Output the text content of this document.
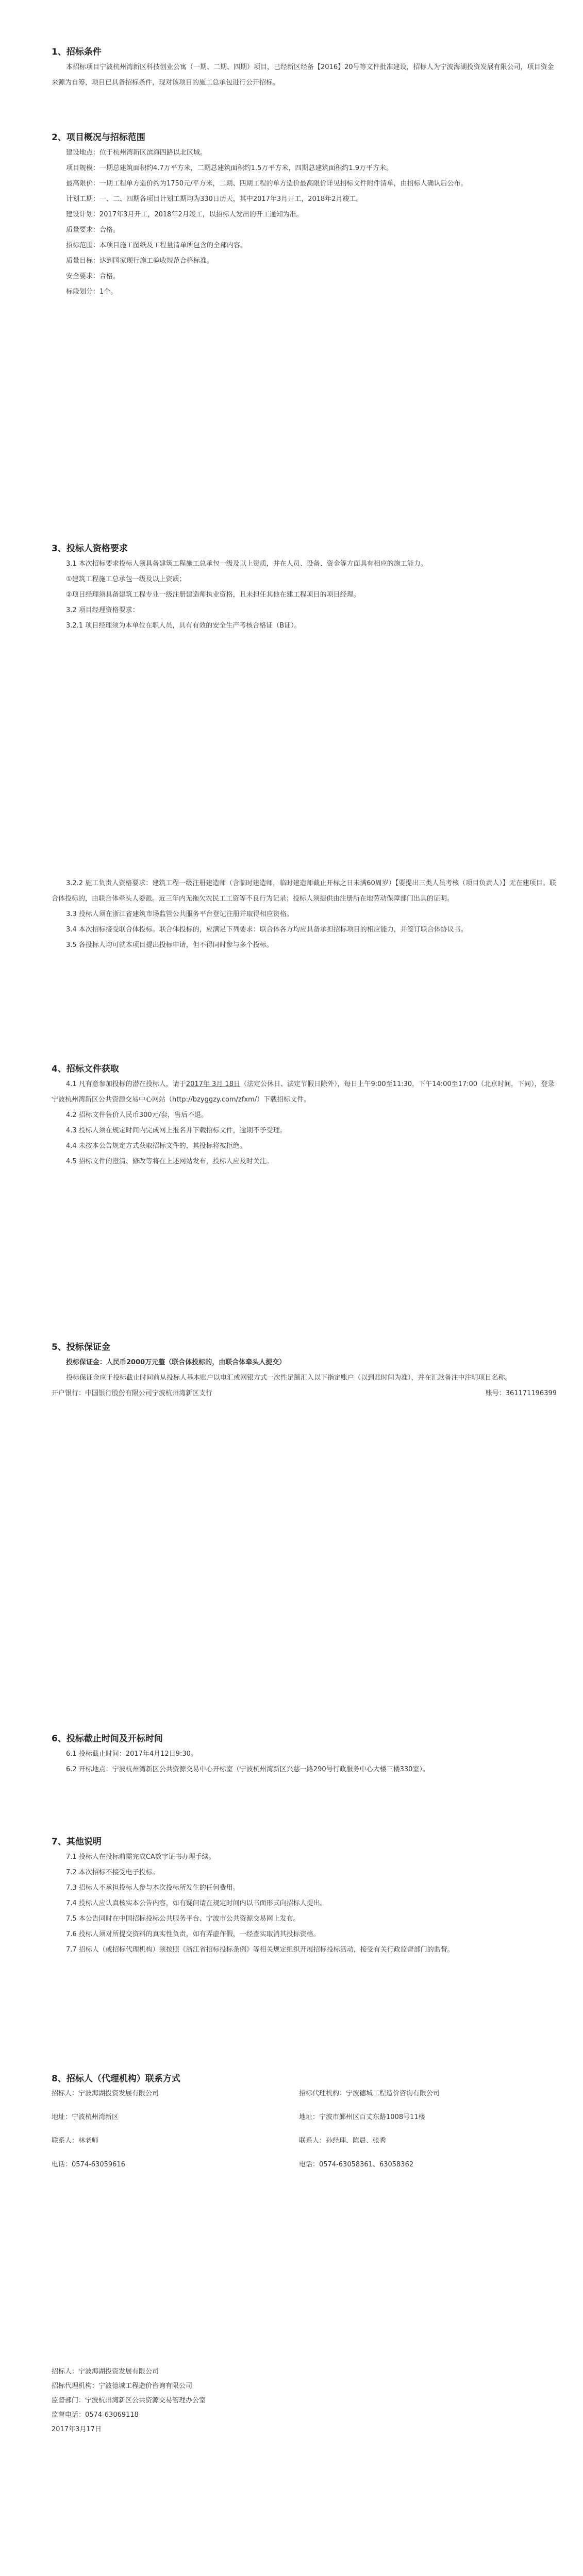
1、招标条件

本招标项目宁波杭州湾新区科技创业公寓（一期、二期、四期）项目，已经新区经备【2016】20号等文件批准建设，招标人为宁波海湖投资发展有限公司，项目资金来源为自筹，项目已具备招标条件，现对该项目的施工总承包进行公开招标。

2、项目概况与招标范围

建设地点：位于杭州湾新区滨海四路以北区域。

项目规模：一期总建筑面积约4.7万平方米，二期总建筑面积约1.5万平方米，四期总建筑面积约1.9万平方米。

最高限价：一期工程单方造价约为1750元/平方米，二期、四期工程的单方造价最高限价详见招标文件附件清单，由招标人确认后公布。

计划工期：一、二、四期各项目计划工期均为330日历天，其中2017年3月开工，2018年2月竣工。

建设计划：2017年3月开工，2018年2月竣工，以招标人发出的开工通知为准。

质量要求：合格。

招标范围：本项目施工图纸及工程量清单所包含的全部内容。

质量目标：达到国家现行施工验收规范合格标准。

安全要求：合格。

标段划分：1个。

3、投标人资格要求

3.1 本次招标要求投标人须具备建筑工程施工总承包一级及以上资质，并在人员、设备、资金等方面具有相应的施工能力。

①建筑工程施工总承包一级及以上资质；

②项目经理须具备建筑工程专业一级注册建造师执业资格，且未担任其他在建工程项目的项目经理。

3.2 项目经理资格要求：

3.2.1 项目经理须为本单位在职人员，具有有效的安全生产考核合格证（B证）。

3.2.2 施工负责人资格要求：建筑工程一级注册建造师（含临时建造师，临时建造师截止开标之日未满60周岁）【要提出三类人员考核（项目负责人）】无在建项目。联合体投标的，由联合体牵头人委派。近三年内无拖欠农民工工资等不良行为记录；投标人须提供由注册所在地劳动保障部门出具的证明。

3.3 投标人须在浙江省建筑市场监管公共服务平台登记注册并取得相应资格。

3.4 本次招标接受联合体投标。联合体投标的，应满足下列要求：联合体各方均应具备承担招标项目的相应能力，并签订联合体协议书。

3.5 各投标人均可就本项目提出投标申请，但不得同时参与多个投标。

4、招标文件获取

4.1 凡有意参加投标的潜在投标人，请于2017年 3月 18日（法定公休日、法定节假日除外），每日上午9:00至11:30，下午14:00至17:00（北京时间，下同），登录宁波杭州湾新区公共资源交易中心网站（http://bzyggzy.com/zfxm/）下载招标文件。

4.2 招标文件售价人民币300元/套，售后不退。

4.3 投标人须在规定时间内完成网上报名并下载招标文件，逾期不予受理。

4.4 未按本公告规定方式获取招标文件的，其投标将被拒绝。

4.5 招标文件的澄清、修改等将在上述网站发布，投标人应及时关注。

5、投标保证金

投标保证金：人民币2000万元整（联合体投标的，由联合体牵头人提交）

投标保证金应于投标截止时间前从投标人基本账户以电汇或网银方式一次性足额汇入以下指定账户（以到账时间为准），并在汇款备注中注明项目名称。

开户银行：中国银行股份有限公司宁波杭州湾新区支行	账号：361171196399

6、投标截止时间及开标时间

6.1 投标截止时间：2017年4月12日9:30。

6.2 开标地点：宁波杭州湾新区公共资源交易中心开标室（宁波杭州湾新区兴慈一路290号行政服务中心大楼三楼330室）。

7、其他说明

7.1 投标人在投标前需完成CA数字证书办理手续。

7.2 本次招标不接受电子投标。

7.3 招标人不承担投标人参与本次投标所发生的任何费用。

7.4 投标人应认真核实本公告内容，如有疑问请在规定时间内以书面形式向招标人提出。

7.5 本公告同时在中国招标投标公共服务平台、宁波市公共资源交易网上发布。

7.6 投标人须对所提交资料的真实性负责，如有弄虚作假，一经查实取消其投标资格。

7.7 招标人（或招标代理机构）须按照《浙江省招标投标条例》等相关规定组织开展招标投标活动，接受有关行政监督部门的监督。

8、招标人（代理机构）联系方式

招标人：宁波海湖投资发展有限公司	招标代理机构：宁波德城工程造价咨询有限公司

地址：宁波杭州湾新区	地址：宁波市鄞州区百丈东路1008号11楼

联系人：林老师	联系人：孙经理、陈晨、张秀

电话：0574-63059616	电话：0574-63058361、63058362

招标人：宁波海湖投资发展有限公司

招标代理机构：宁波德城工程造价咨询有限公司

监督部门：宁波杭州湾新区公共资源交易管理办公室

监督电话：0574-63069118

2017年3月17日
